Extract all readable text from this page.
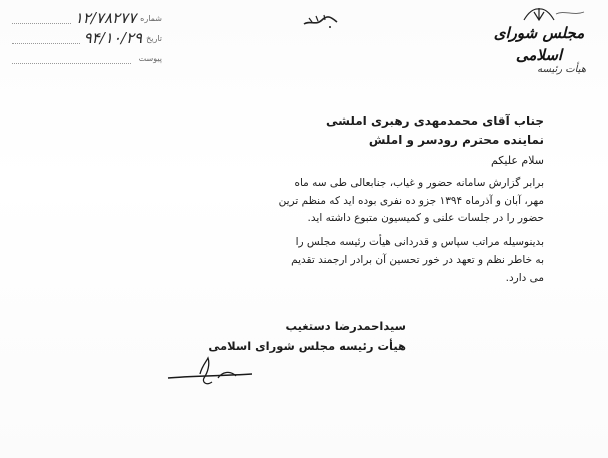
شماره
۱۲/۷۸۲۷۷
تاریخ
۹۴/۱۰/۲۹
پیوست
مجلس شورای اسلامی
هیأت رئیسه
جناب آقای محمدمهدی رهبری املشی
نماینده محترم رودسر و املش
سلام علیکم
برابر گزارش سامانه حضور و غیاب، جنابعالی طی سه ماه
مهر، آبان و آذرماه ۱۳۹۴ جزو ده نفری بوده اید که منظم ترین
حضور را در جلسات علنی و کمیسیون متبوع داشته اید.
بدینوسیله مراتب سپاس و قدردانی هیأت رئیسه مجلس را
به خاطر نظم و تعهد در خور تحسین آن برادر ارجمند تقدیم
می دارد.
سیداحمدرضا دستغیب
هیأت رئیسه مجلس شورای اسلامی
